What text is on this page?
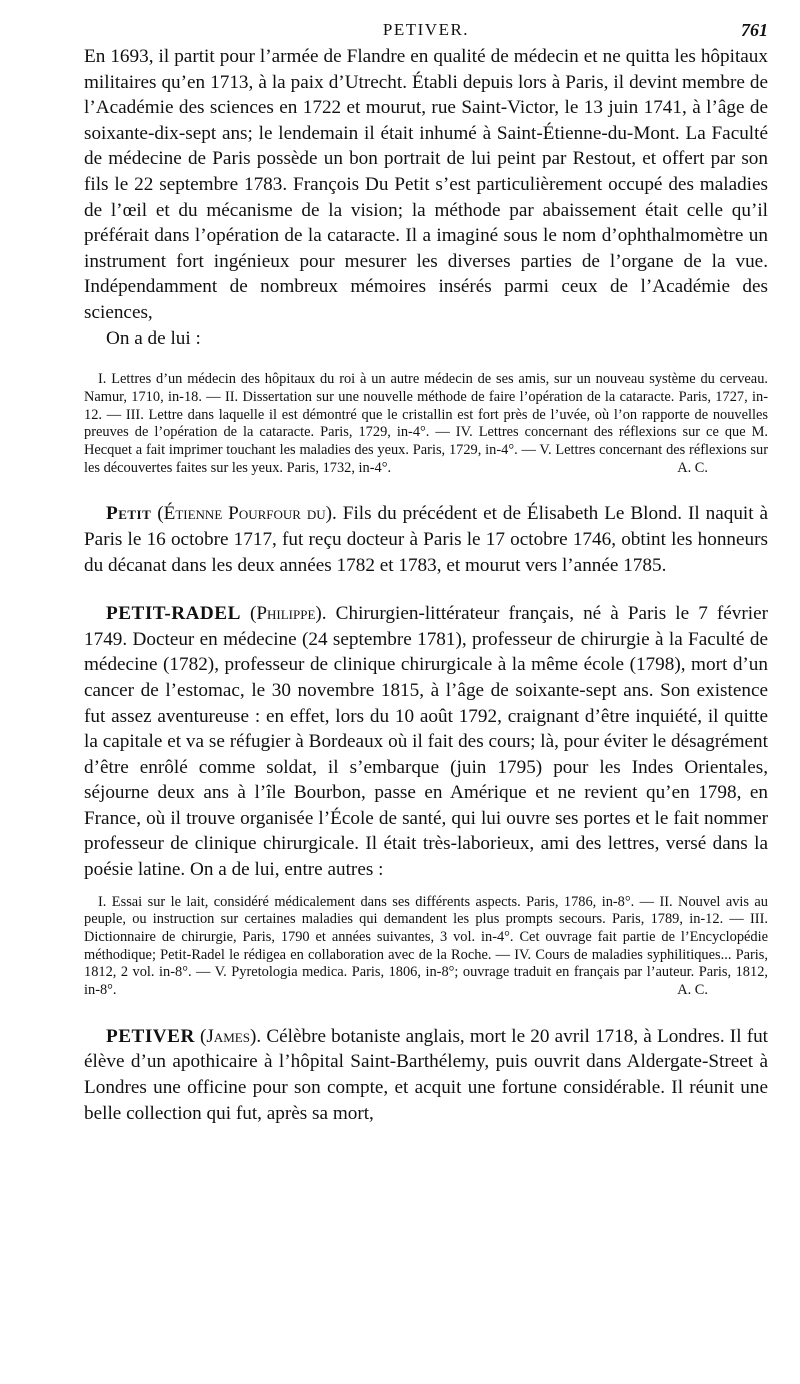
PETIVER.	761

En 1693, il partit pour l’armée de Flandre en qualité de médecin et ne quitta les hôpitaux militaires qu’en 1713, à la paix d’Utrecht. Établi depuis lors à Paris, il devint membre de l’Académie des sciences en 1722 et mourut, rue Saint-Victor, le 13 juin 1741, à l’âge de soixante-dix-sept ans; le lendemain il était inhumé à Saint-Étienne-du-Mont. La Faculté de médecine de Paris possède un bon portrait de lui peint par Restout, et offert par son fils le 22 septembre 1783. François Du Petit s’est particulièrement occupé des maladies de l’œil et du mécanisme de la vision; la méthode par abaissement était celle qu’il préférait dans l’opération de la cataracte. Il a imaginé sous le nom d’ophthalmomètre un instrument fort ingénieux pour mesurer les diverses parties de l’organe de la vue. Indépendamment de nombreux mémoires insérés parmi ceux de l’Académie des sciences,

On a de lui :

I. Lettres d’un médecin des hôpitaux du roi à un autre médecin de ses amis, sur un nouveau système du cerveau. Namur, 1710, in-18. — II. Dissertation sur une nouvelle méthode de faire l’opération de la cataracte. Paris, 1727, in-12. — III. Lettre dans laquelle il est démontré que le cristallin est fort près de l’uvée, où l’on rapporte de nouvelles preuves de l’opération de la cataracte. Paris, 1729, in-4°. — IV. Lettres concernant des réflexions sur ce que M. Hecquet a fait imprimer touchant les maladies des yeux. Paris, 1729, in-4°. — V. Lettres concernant des réflexions sur les découvertes faites sur les yeux. Paris, 1732, in-4°.	A. C.

Petit (Étienne Pourfour du). Fils du précédent et de Élisabeth Le Blond. Il naquit à Paris le 16 octobre 1717, fut reçu docteur à Paris le 17 octobre 1746, obtint les honneurs du décanat dans les deux années 1782 et 1783, et mourut vers l’année 1785.

PETIT-RADEL (Philippe). Chirurgien-littérateur français, né à Paris le 7 février 1749. Docteur en médecine (24 septembre 1781), professeur de chirurgie à la Faculté de médecine (1782), professeur de clinique chirurgicale à la même école (1798), mort d’un cancer de l’estomac, le 30 novembre 1815, à l’âge de soixante-sept ans. Son existence fut assez aventureuse : en effet, lors du 10 août 1792, craignant d’être inquiété, il quitte la capitale et va se réfugier à Bordeaux où il fait des cours; là, pour éviter le désagrément d’être enrôlé comme soldat, il s’embarque (juin 1795) pour les Indes Orientales, séjourne deux ans à l’île Bourbon, passe en Amérique et ne revient qu’en 1798, en France, où il trouve organisée l’École de santé, qui lui ouvre ses portes et le fait nommer professeur de clinique chirurgicale. Il était très-laborieux, ami des lettres, versé dans la poésie latine. On a de lui, entre autres :

I. Essai sur le lait, considéré médicalement dans ses différents aspects. Paris, 1786, in-8°. — II. Nouvel avis au peuple, ou instruction sur certaines maladies qui demandent les plus prompts secours. Paris, 1789, in-12. — III. Dictionnaire de chirurgie, Paris, 1790 et années suivantes, 3 vol. in-4°. Cet ouvrage fait partie de l’Encyclopédie méthodique; Petit-Radel le rédigea en collaboration avec de la Roche. — IV. Cours de maladies syphilitiques... Paris, 1812, 2 vol. in-8°. — V. Pyretologia medica. Paris, 1806, in-8°; ouvrage traduit en français par l’auteur. Paris, 1812, in-8°.	A. C.

PETIVER (James). Célèbre botaniste anglais, mort le 20 avril 1718, à Londres. Il fut élève d’un apothicaire à l’hôpital Saint-Barthélemy, puis ouvrit dans Aldergate-Street à Londres une officine pour son compte, et acquit une fortune considérable. Il réunit une belle collection qui fut, après sa mort,
